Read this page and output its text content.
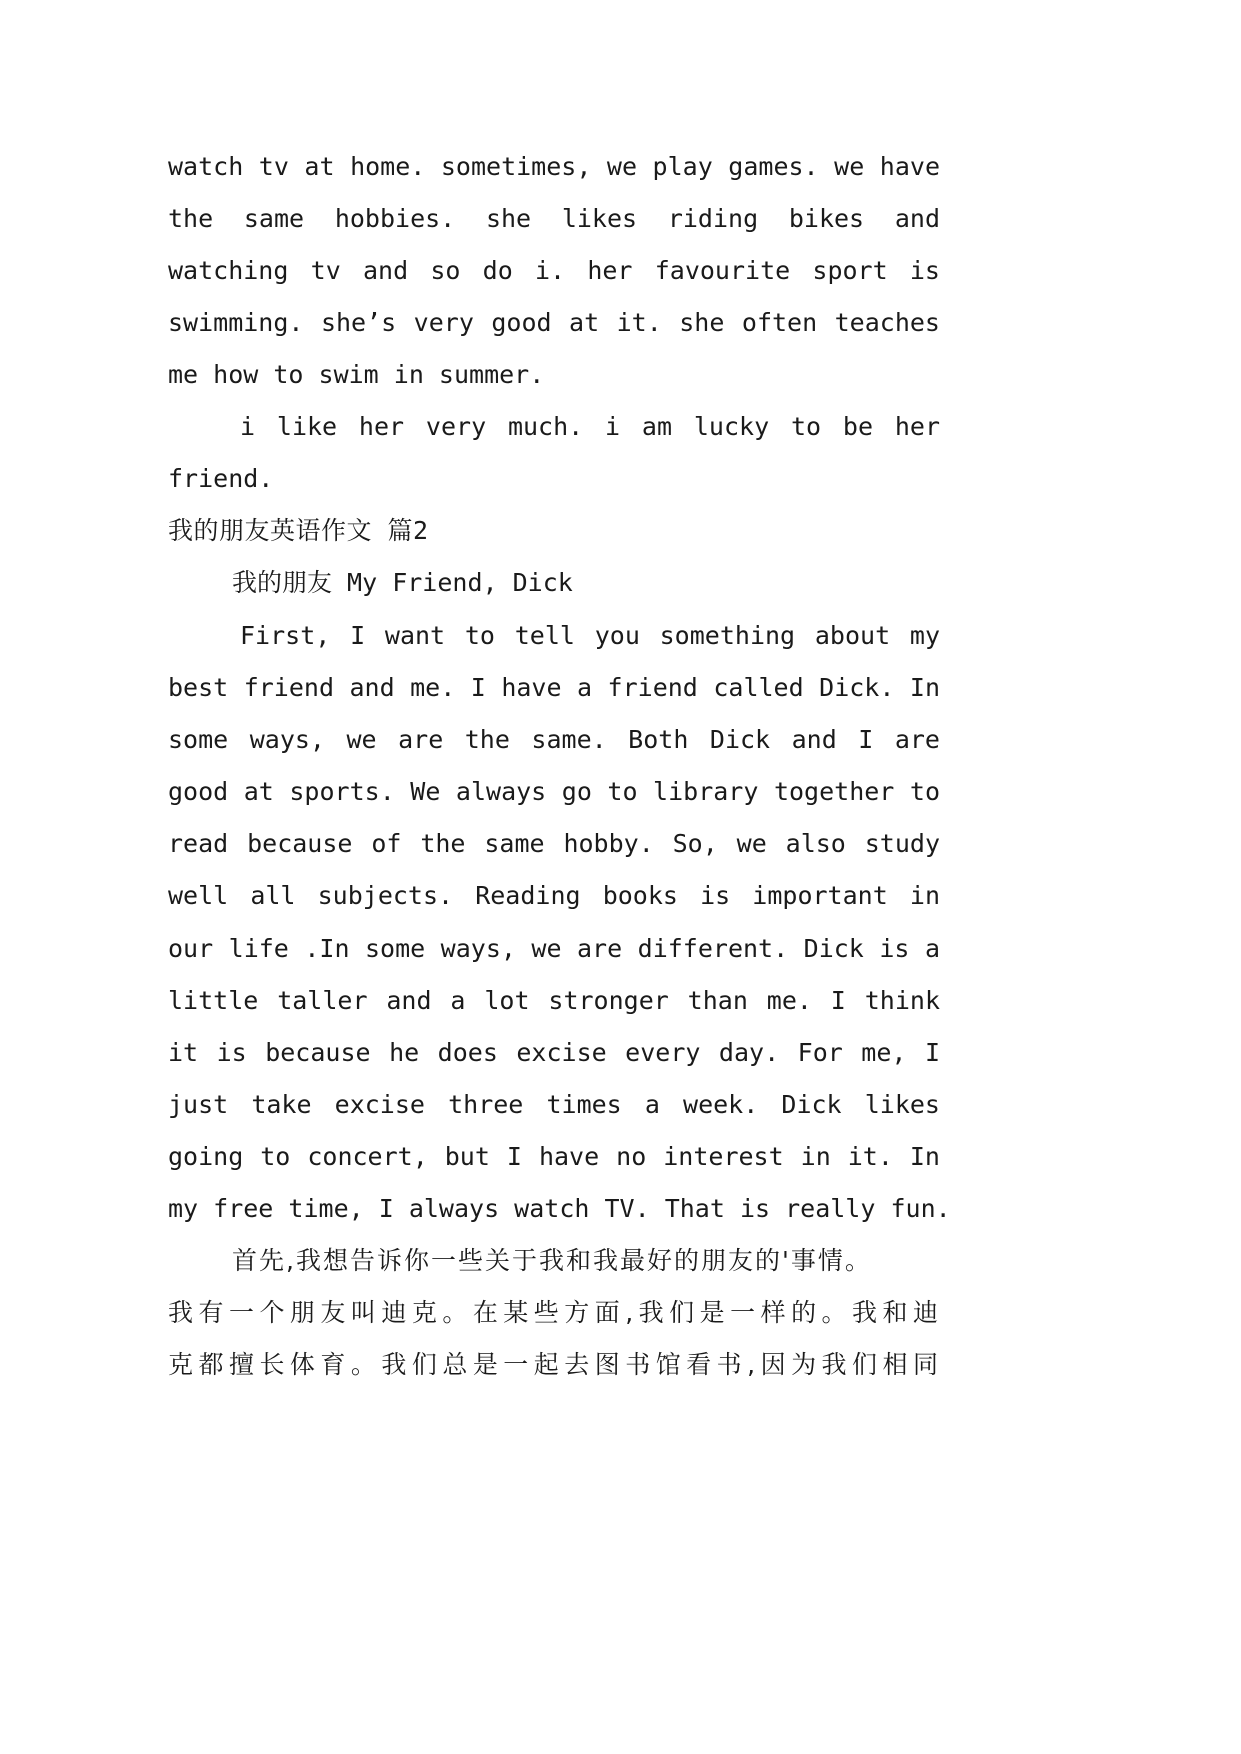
watch tv at home. sometimes, we play games. we have
the same hobbies. she likes riding bikes and
watching tv and so do i. her favourite sport is
swimming. she’s very good at it. she often teaches
me how to swim in summer.
i like her very much. i am lucky to be her
friend.
我的朋友英语作文 篇2
我的朋友 My Friend, Dick
First, I want to tell you something about my
best friend and me. I have a friend called Dick. In
some ways, we are the same. Both Dick and I are
good at sports. We always go to library together to
read because of the same hobby. So, we also study
well all subjects. Reading books is important in
our life .In some ways, we are different. Dick is a
little taller and a lot stronger than me. I think
it is because he does excise every day. For me, I
just take excise three times a week. Dick likes
going to concert, but I have no interest in it. In
my free time, I always watch TV. That is really fun.
首先,我想告诉你一些关于我和我最好的朋友的'事情。
我有一个朋友叫迪克。在某些方面,我们是一样的。我和迪
克都擅长体育。我们总是一起去图书馆看书,因为我们相同
